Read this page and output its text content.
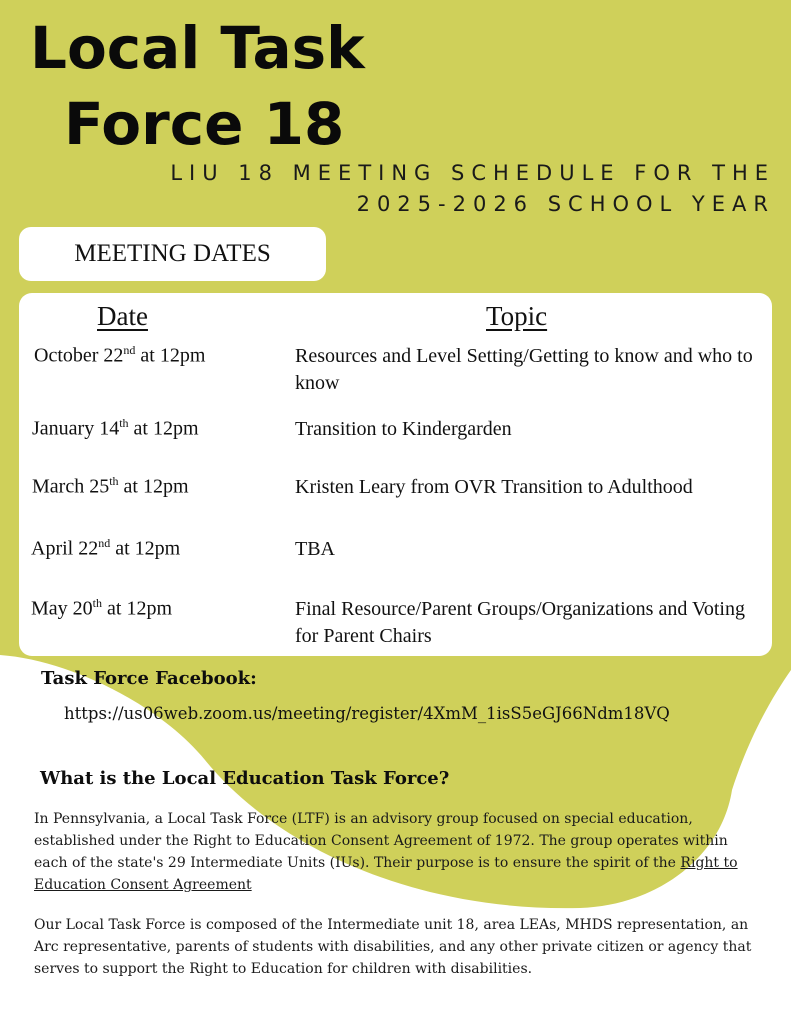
Local Task
Force 18
LIU 18 MEETING SCHEDULE FOR THE
2025-2026 SCHOOL YEAR
MEETING DATES
Date	Topic
October 22nd at 12pm	Resources and Level Setting/Getting to know and who to know
January 14th at 12pm	Transition to Kindergarden
March 25th at 12pm	Kristen Leary from OVR Transition to Adulthood
April 22nd at 12pm	TBA
May 20th at 12pm	Final Resource/Parent Groups/Organizations and Voting for Parent Chairs
Task Force Facebook:
https://us06web.zoom.us/meeting/register/4XmM_1isS5eGJ66Ndm18VQ
What is the Local Education Task Force?

In Pennsylvania, a Local Task Force (LTF) is an advisory group focused on special education, established under the Right to Education Consent Agreement of 1972. The group operates within each of the state's 29 Intermediate Units (IUs). Their purpose is to ensure the spirit of the Right to Education Consent Agreement

Our Local Task Force is composed of the Intermediate unit 18, area LEAs, MHDS representation, an Arc representative, parents of students with disabilities, and any other private citizen or agency that serves to support the Right to Education for children with disabilities.
